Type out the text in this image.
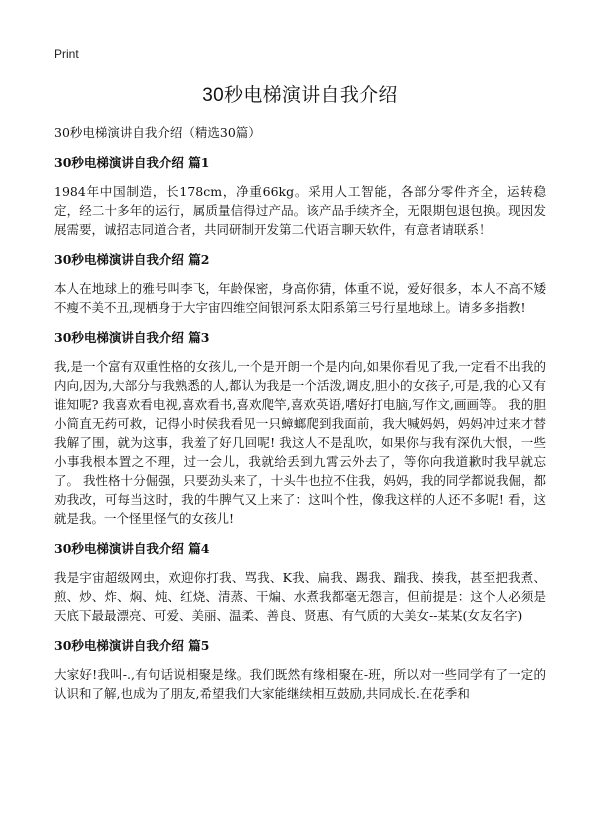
Print
30秒电梯演讲自我介绍

30秒电梯演讲自我介绍（精选30篇）

30秒电梯演讲自我介绍 篇1

1984年中国制造，长178cm，净重66kg。采用人工智能，各部分零件齐全，运转稳定，经二十多年的运行，属质量信得过产品。该产品手续齐全，无限期包退包换。现因发展需要，诚招志同道合者，共同研制开发第二代语言聊天软件，有意者请联系！

30秒电梯演讲自我介绍 篇2

本人在地球上的雅号叫李飞，年龄保密，身高你猜，体重不说，爱好很多，本人不高不矮不瘦不美不丑,现栖身于大宇宙四维空间银河系太阳系第三号行星地球上。请多多指教!

30秒电梯演讲自我介绍 篇3

我,是一个富有双重性格的女孩儿,一个是开朗一个是内向,如果你看见了我,一定看不出我的内向,因为,大部分与我熟悉的人,都认为我是一个活泼,调皮,胆小的女孩子,可是,我的心又有谁知呢? 我喜欢看电视,喜欢看书,喜欢爬竿,喜欢英语,嗜好打电脑,写作文,画画等。 我的胆小简直无药可救，记得小时侯我看见一只蟑螂爬到我面前，我大喊妈妈，妈妈冲过来才替我解了围，就为这事，我羞了好几回呢! 我这人不是乱吹，如果你与我有深仇大恨，一些小事我根本置之不理，过一会儿，我就给丢到九霄云外去了，等你向我道歉时我早就忘了。 我性格十分倔强，只要劲头来了，十头牛也拉不住我，妈妈，我的同学都说我倔，都劝我改，可每当这时，我的牛脾气又上来了：这叫个性，像我这样的人还不多呢! 看，这就是我。一个怪里怪气的女孩儿!

30秒电梯演讲自我介绍 篇4

我是宇宙超级网虫，欢迎你打我、骂我、K我、扁我、踢我、踹我、揍我，甚至把我煮、煎、炒、炸、焖、炖、红烧、清蒸、干煸、水煮我都毫无怨言，但前提是：这个人必须是天底下最最漂亮、可爱、美丽、温柔、善良、贤惠、有气质的大美女--某某(女友名字)

30秒电梯演讲自我介绍 篇5

大家好!我叫-.,有句话说相聚是缘。我们既然有缘相聚在-班，所以对一些同学有了一定的认识和了解,也成为了朋友,希望我们大家能继续相互鼓励,共同成长.在花季和
